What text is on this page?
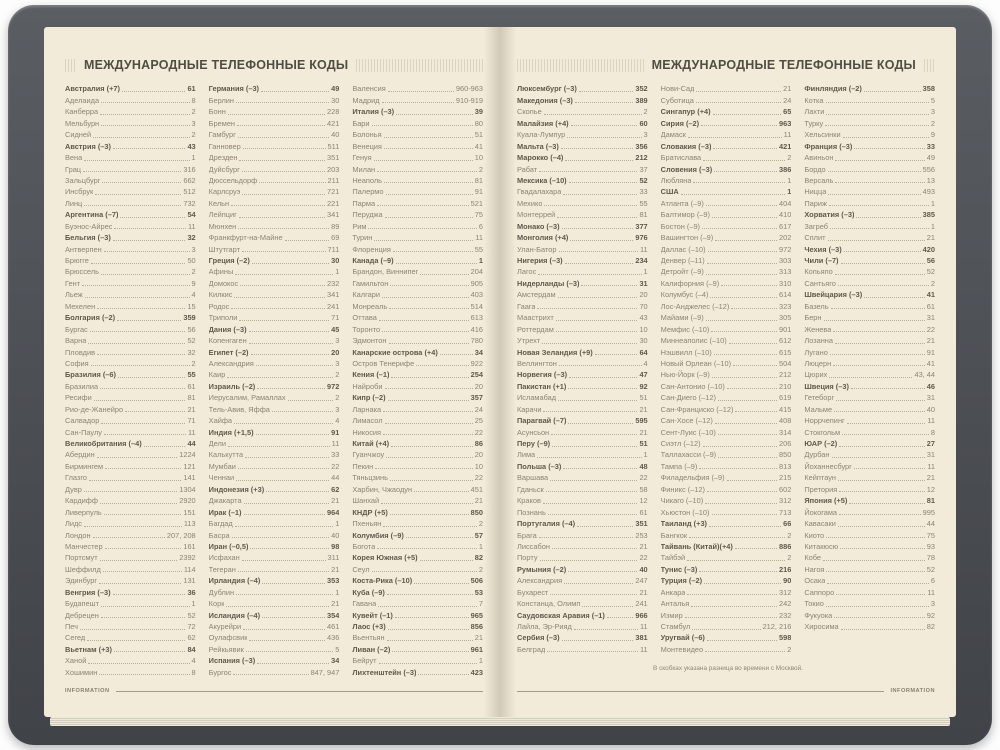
МЕЖДУНАРОДНЫЕ ТЕЛЕФОННЫЕ КОДЫ
Австралия (+7)	61
Аделаида	8
Канберра	2
Мельбурн	3
Сидней	2
Австрия (–3)	43
Вена	1
Грац	316
Зальцбург	662
Инсбрук	512
Линц	732
Аргентина (–7)	54
Буэнос-Айрес	11
Бельгия (–3)	32
Антверпен	3
Брюгге	50
Брюссель	2
Гент	9
Льеж	4
Мехелен	15
Болгария (–2)	359
Бургас	56
Варна	52
Пловдив	32
София	2
Бразилия (–6)	55
Бразилиа	61
Ресифи	81
Рио-де-Жанейро	21
Салвадор	71
Сан-Паулу	11
Великобритания (–4)	44
Абердин	1224
Бирмингем	121
Глазго	141
Дувр	1304
Кардифф	2920
Ливерпуль	151
Лидс	113
Лондон	207, 208
Манчестер	161
Портсмут	2392
Шеффилд	114
Эдинбург	131
Венгрия (–3)	36
Будапешт	1
Дебрецен	52
Печ	72
Сегед	62
Вьетнам (+3)	84
Ханой	4
Хошимин	8
Германия (–3)	49
Берлин	30
Бонн	228
Бремен	421
Гамбург	40
Ганновер	511
Дрезден	351
Дуйсбург	203
Дюссельдорф	211
Карлсруэ	721
Кельн	221
Лейпциг	341
Мюнхен	89
Франкфурт-на-Майне	69
Штутгарт	711
Греция (–2)	30
Афины	1
Домокос	232
Килкис	341
Родос	241
Триполи	71
Дания (–3)	45
Копенгаген	3
Египет (–2)	20
Александрия	3
Каир	2
Израиль (–2)	972
Иерусалим, Рамаллах	2
Тель-Авив, Яффа	3
Хайфа	4
Индия (+1,5)	91
Дели	11
Калькутта	33
Мумбаи	22
Ченнаи	44
Индонезия (+3)	62
Джакарта	21
Ирак (–1)	964
Багдад	1
Басра	40
Иран (–0,5)	98
Исфахан	311
Тегеран	21
Ирландия (–4)	353
Дублин	1
Корк	21
Исландия (–4)	354
Акурейри	461
Оулафсвик	436
Рейкьявик	5
Испания (–3)	34
Бургос	847, 947
Валенсия	960-963
Мадрид	910-919
Италия (–3)	39
Бари	80
Болонья	51
Венеция	41
Генуя	10
Милан	2
Неаполь	81
Палермо	91
Парма	521
Перуджа	75
Рим	6
Турин	11
Флоренция	55
Канада (–9)	1
Брандон, Виннипег	204
Гамильтон	905
Калгари	403
Монреаль	514
Оттава	613
Торонто	416
Эдмонтон	780
Канарские острова (+4)	34
Остров Тенерифе	922
Кения (–1)	254
Найроби	20
Кипр (–2)	357
Ларнака	24
Лимасол	25
Никосия	22
Китай (+4)	86
Гуанчжоу	20
Пекин	10
Тяньцзинь	22
Харбин, Чжаодун	451
Шанхай	21
КНДР (+5)	850
Пхеньян	2
Колумбия (–9)	57
Богота	1
Корея Южная (+5)	82
Сеул	2
Коста-Рика (–10)	506
Куба (–9)	53
Гавана	7
Кувейт (–1)	965
Лаос (+3)	856
Вьентьян	21
Ливан (–2)	961
Бейрут	1
Лихтенштейн (–3)	423
INFORMATION
МЕЖДУНАРОДНЫЕ ТЕЛЕФОННЫЕ КОДЫ
Люксембург (–3)	352
Македония (–3)	389
Скопье	2
Малайзия (+4)	60
Куала-Лумпур	3
Мальта (–3)	356
Марокко (–4)	212
Рабат	37
Мексика (–10)	52
Гвадалахара	33
Мехико	55
Монтеррей	81
Монако (–3)	377
Монголия (+4)	976
Улан-Батор	11
Нигерия (–3)	234
Лагос	1
Нидерланды (–3)	31
Амстердам	20
Гаага	70
Маастрихт	43
Роттердам	10
Утрехт	30
Новая Зеландия (+9)	64
Веллингтон	4
Норвегия (–3)	47
Пакистан (+1)	92
Исламабад	51
Карачи	21
Парагвай (–7)	595
Асунсьон	21
Перу (–9)	51
Лима	1
Польша (–3)	48
Варшава	22
Гданьск	58
Краков	12
Познань	61
Португалия (–4)	351
Брага	253
Лиссабон	21
Порту	22
Румыния (–2)	40
Александрия	247
Бухарест	21
Констанца, Олимп	241
Саудовская Аравия (–1)	966
Лайла, Эр-Рияд	11
Сербия (–3)	381
Белград	11
Нови-Сад	21
Суботица	24
Сингапур (+4)	65
Сирия (–2)	963
Дамаск	11
Словакия (–3)	421
Братислава	2
Словения (–3)	386
Любляна	1
США	1
Атланта (–9)	404
Балтимор (–9)	410
Бостон (–9)	617
Вашингтон (–9)	202
Даллас (–10)	972
Денвер (–11)	303
Детройт (–9)	313
Калифорния (–9)	310
Колумбус (–4)	614
Лос-Анджелес (–12)	323
Майами (–9)	305
Мемфис (–10)	901
Миннеаполис (–10)	612
Нэшвилл (–10)	615
Новый Орлеан (–10)	504
Нью-Йорк (–9)	212
Сан-Антонио (–10)	210
Сан-Диего (–12)	619
Сан-Франциско (–12)	415
Сан-Хосе (–12)	408
Сент-Луис (–10)	314
Сиэтл (–12)	206
Таллахасси (–9)	850
Тампа (–9)	813
Филадельфия (–9)	215
Финикс (–12)	602
Чикаго (–10)	312
Хьюстон (–10)	713
Таиланд (+3)	66
Бангкок	2
Тайвань (Китай)(+4)	886
Тайбэй	2
Тунис (–3)	216
Турция (–2)	90
Анкара	312
Анталья	242
Измир	232
Стамбул	212, 216
Уругвай (–6)	598
Монтевидео	2
Финляндия (–2)	358
Котка	5
Лахти	3
Турку	2
Хельсинки	9
Франция (–3)	33
Авиньон	49
Бордо	556
Версаль	13
Ницца	493
Париж	1
Хорватия (–3)	385
Загреб	1
Сплит	21
Чехия (–3)	420
Чили (–7)	56
Копьяпо	52
Сантьяго	2
Швейцария (–3)	41
Базель	61
Берн	31
Женева	22
Лозанна	21
Лугано	91
Люцерн	41
Цюрих	43, 44
Швеция (–3)	46
Гетеборг	31
Мальме	40
Норрчепинг	11
Стокгольм	8
ЮАР (–2)	27
Дурбан	31
Йоханнесбург	11
Кейптаун	21
Претория	12
Япония (+5)	81
Йокогама	995
Кавасаки	44
Киото	75
Китакюсю	93
Кобе	78
Нагоя	52
Осака	6
Саппоро	11
Токио	3
Фукуока	92
Хиросима	82
В скобках указана разница во времени с Москвой.
INFORMATION
